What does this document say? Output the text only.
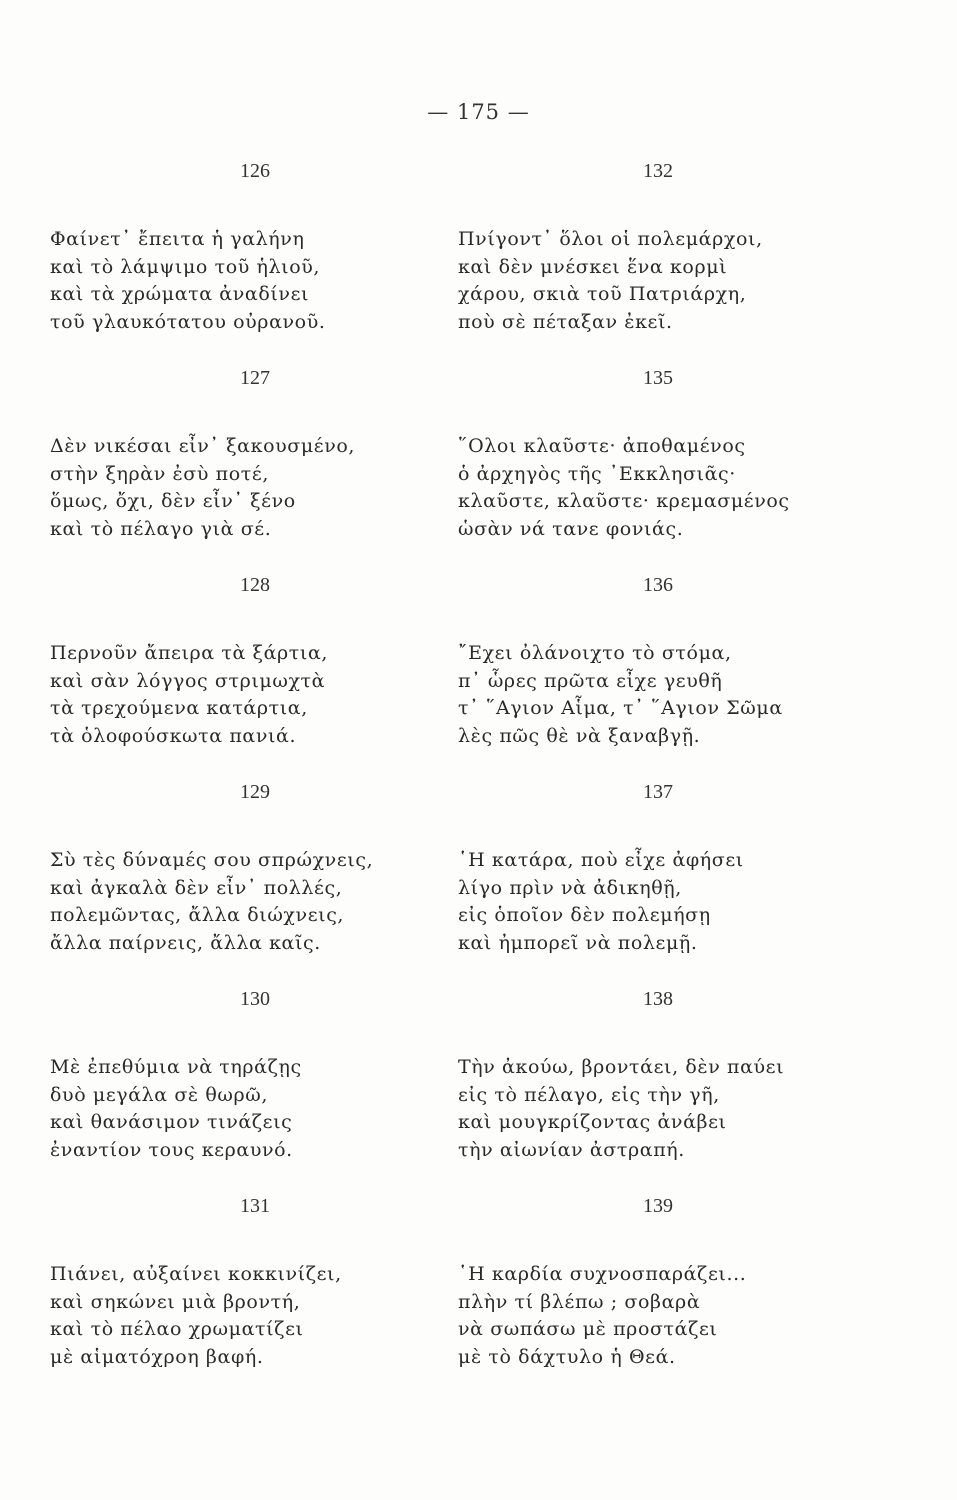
— 175 —
126
Φαίνετ᾽ ἔπειτα ἡ γαλήνη
καὶ τὸ λάμψιμο τοῦ ἡλιοῦ,
καὶ τὰ χρώματα ἀναδίνει
τοῦ γλαυκότατου οὐρανοῦ.
127
Δὲν νικέσαι εἶν᾽ ξακουσμένο,
στὴν ξηρὰν ἐσὺ ποτέ,
ὅμως, ὄχι, δὲν εἶν᾽ ξένο
καὶ τὸ πέλαγο γιὰ σέ.
128
Περνοῦν ἄπειρα τὰ ξάρτια,
καὶ σὰν λόγγος στριμωχτὰ
τὰ τρεχούμενα κατάρτια,
τὰ ὁλοφούσκωτα πανιά.
129
Σὺ τὲς δύναμές σου σπρώχνεις,
καὶ ἀγκαλὰ δὲν εἶν᾽ πολλές,
πολεμῶντας, ἄλλα διώχνεις,
ἄλλα παίρνεις, ἄλλα καῖς.
130
Μὲ ἐπεθύμια νὰ τηράζῃς
δυὸ μεγάλα σὲ θωρῶ,
καὶ θανάσιμον τινάζεις
ἐναντίον τους κεραυνό.
131
Πιάνει, αὐξαίνει κοκκινίζει,
καὶ σηκώνει μιὰ βροντή,
καὶ τὸ πέλαο χρωματίζει
μὲ αἱματόχροη βαφή.
132
Πνίγοντ᾽ ὅλοι οἱ πολεμάρχοι,
καὶ δὲν μνέσκει ἕνα κορμὶ
χάρου, σκιὰ τοῦ Πατριάρχη,
ποὺ σὲ πέταξαν ἐκεῖ.
135
῞Ολοι κλαῦστε· ἀποθαμένος
ὁ ἀρχηγὸς τῆς ᾿Εκκλησιᾶς·
κλαῦστε, κλαῦστε· κρεμασμένος
ὡσὰν νά τανε φονιάς.
136
῎Εχει ὀλάνοιχτο τὸ στόμα,
π᾽ ὧρες πρῶτα εἶχε γευθῆ
τ᾽ ῞Αγιον Αἷμα, τ᾽ ῞Αγιον Σῶμα
λὲς πῶς θὲ νὰ ξαναβγῇ.
137
῾Η κατάρα, ποὺ εἶχε ἀφήσει
λίγο πρὶν νὰ ἀδικηθῇ,
εἰς ὁποῖον δὲν πολεμήσῃ
καὶ ἠμπορεῖ νὰ πολεμῇ.
138
Τὴν ἀκούω, βροντάει, δὲν παύει
εἰς τὸ πέλαγο, εἰς τὴν γῆ,
καὶ μουγκρίζοντας ἀνάβει
τὴν αἰωνίαν ἀστραπή.
139
῾Η καρδία συχνοσπαράζει...
πλὴν τί βλέπω ; σοβαρὰ
νὰ σωπάσω μὲ προστάζει
μὲ τὸ δάχτυλο ἡ Θεά.
